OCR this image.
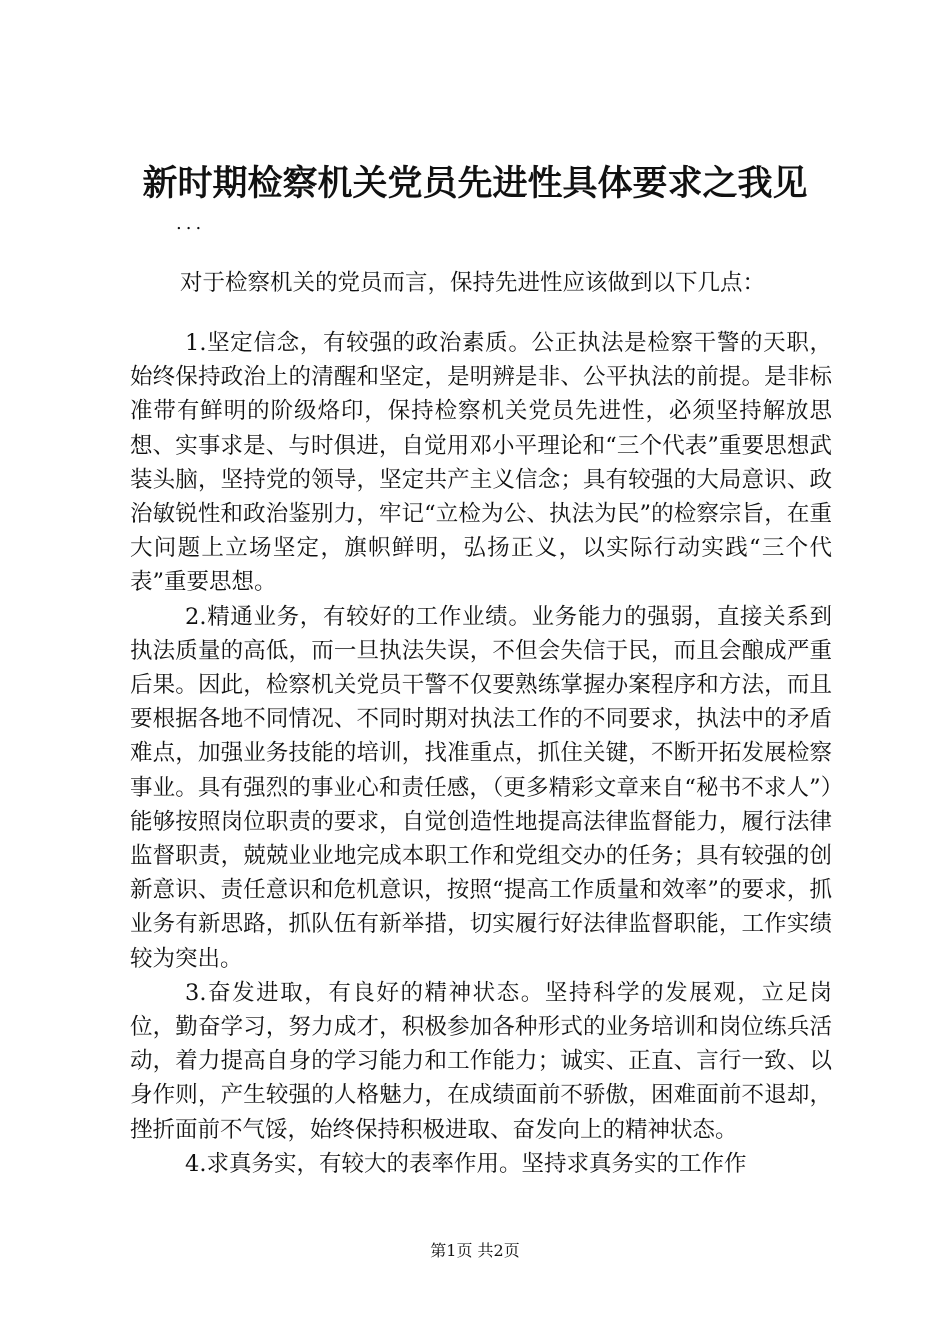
新时期检察机关党员先进性具体要求之我见
...

对于检察机关的党员而言，保持先进性应该做到以下几点：

1.坚定信念，有较强的政治素质。公正执法是检察干警的天职，始终保持政治上的清醒和坚定，是明辨是非、公平执法的前提。是非标准带有鲜明的阶级烙印，保持检察机关党员先进性，必须坚持解放思想、实事求是、与时俱进，自觉用邓小平理论和“三个代表”重要思想武装头脑，坚持党的领导，坚定共产主义信念；具有较强的大局意识、政治敏锐性和政治鉴别力，牢记“立检为公、执法为民”的检察宗旨，在重大问题上立场坚定，旗帜鲜明，弘扬正义，以实际行动实践“三个代表”重要思想。

2.精通业务，有较好的工作业绩。业务能力的强弱，直接关系到执法质量的高低，而一旦执法失误，不但会失信于民，而且会酿成严重后果。因此，检察机关党员干警不仅要熟练掌握办案程序和方法，而且要根据各地不同情况、不同时期对执法工作的不同要求，执法中的矛盾难点，加强业务技能的培训，找准重点，抓住关键，不断开拓发展检察事业。具有强烈的事业心和责任感，（更多精彩文章来自“秘书不求人”）能够按照岗位职责的要求，自觉创造性地提高法律监督能力，履行法律监督职责，兢兢业业地完成本职工作和党组交办的任务；具有较强的创新意识、责任意识和危机意识，按照“提高工作质量和效率”的要求，抓业务有新思路，抓队伍有新举措，切实履行好法律监督职能，工作实绩较为突出。

3.奋发进取，有良好的精神状态。坚持科学的发展观，立足岗位，勤奋学习，努力成才，积极参加各种形式的业务培训和岗位练兵活动，着力提高自身的学习能力和工作能力；诚实、正直、言行一致、以身作则，产生较强的人格魅力，在成绩面前不骄傲，困难面前不退却，挫折面前不气馁，始终保持积极进取、奋发向上的精神状态。

4.求真务实，有较大的表率作用。坚持求真务实的工作作

第1页 共2页
